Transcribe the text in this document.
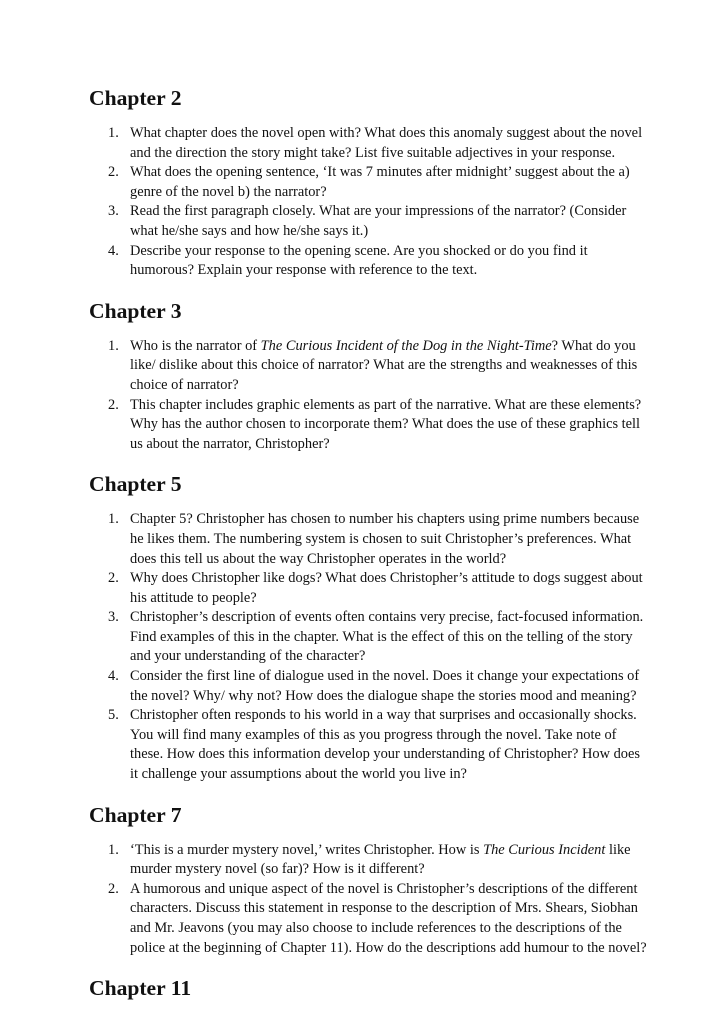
Chapter 2
1. What chapter does the novel open with? What does this anomaly suggest about the novel and the direction the story might take? List five suitable adjectives in your response.
2. What does the opening sentence, ‘It was 7 minutes after midnight’ suggest about the a) genre of the novel b) the narrator?
3. Read the first paragraph closely. What are your impressions of the narrator? (Consider what he/she says and how he/she says it.)
4. Describe your response to the opening scene. Are you shocked or do you find it humorous? Explain your response with reference to the text.
Chapter 3
1. Who is the narrator of The Curious Incident of the Dog in the Night-Time? What do you like/ dislike about this choice of narrator? What are the strengths and weaknesses of this choice of narrator?
2. This chapter includes graphic elements as part of the narrative. What are these elements? Why has the author chosen to incorporate them? What does the use of these graphics tell us about the narrator, Christopher?
Chapter 5
1. Chapter 5? Christopher has chosen to number his chapters using prime numbers because he likes them. The numbering system is chosen to suit Christopher’s preferences. What does this tell us about the way Christopher operates in the world?
2. Why does Christopher like dogs? What does Christopher’s attitude to dogs suggest about his attitude to people?
3. Christopher’s description of events often contains very precise, fact-focused information. Find examples of this in the chapter. What is the effect of this on the telling of the story and your understanding of the character?
4. Consider the first line of dialogue used in the novel. Does it change your expectations of the novel? Why/ why not? How does the dialogue shape the stories mood and meaning?
5. Christopher often responds to his world in a way that surprises and occasionally shocks. You will find many examples of this as you progress through the novel. Take note of these. How does this information develop your understanding of Christopher? How does it challenge your assumptions about the world you live in?
Chapter 7
1. ‘This is a murder mystery novel,’ writes Christopher. How is The Curious Incident like murder mystery novel (so far)? How is it different?
2. A humorous and unique aspect of the novel is Christopher’s descriptions of the different characters. Discuss this statement in response to the description of Mrs. Shears, Siobhan and Mr. Jeavons (you may also choose to include references to the descriptions of the police at the beginning of Chapter 11). How do the descriptions add humour to the novel?
Chapter 11
